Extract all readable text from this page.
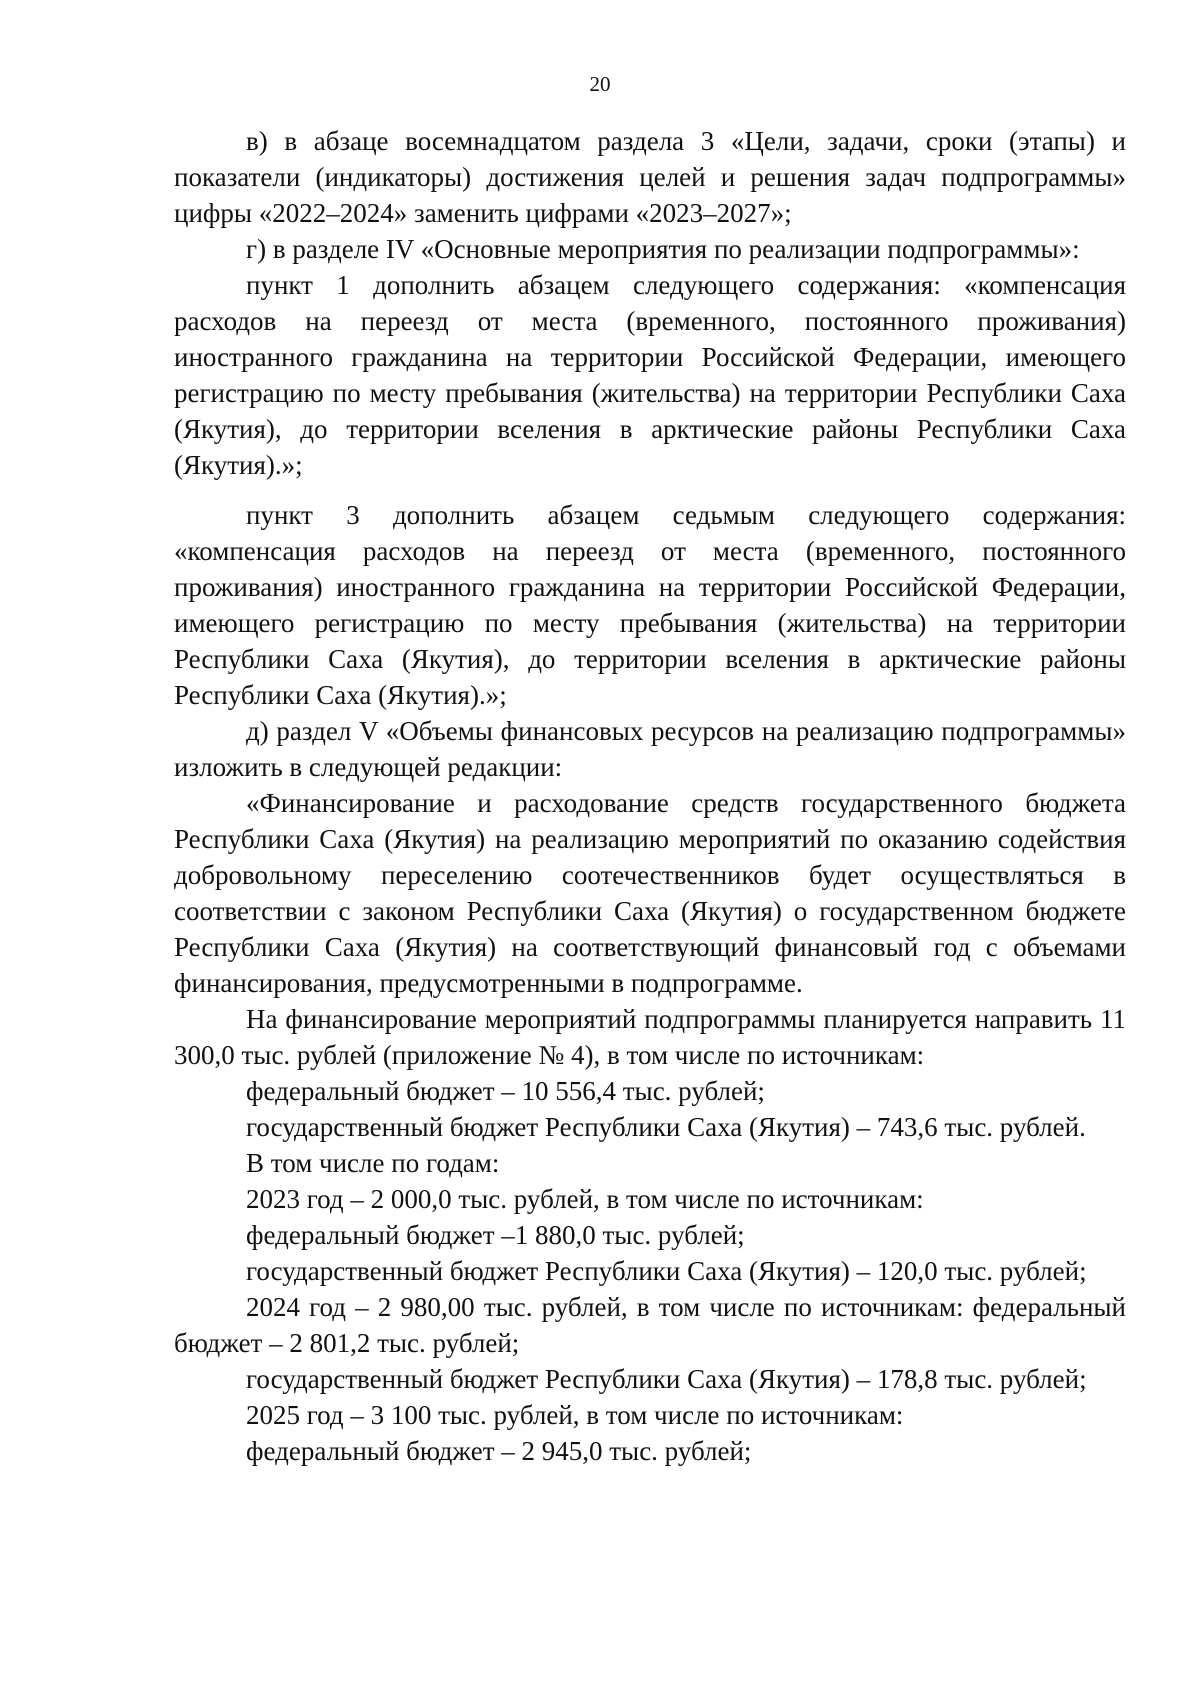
20

в) в абзаце восемнадцатом раздела 3 «Цели, задачи, сроки (этапы) и показатели (индикаторы) достижения целей и решения задач подпрограммы» цифры «2022–2024» заменить цифрами «2023–2027»;

г) в разделе IV «Основные мероприятия по реализации подпрограммы»:

пункт 1 дополнить абзацем следующего содержания: «компенсация расходов на переезд от места (временного, постоянного проживания) иностранного гражданина на территории Российской Федерации, имеющего регистрацию по месту пребывания (жительства) на территории Республики Саха (Якутия), до территории вселения в арктические районы Республики Саха (Якутия).»;

пункт 3 дополнить абзацем седьмым следующего содержания: «компенсация расходов на переезд от места (временного, постоянного проживания) иностранного гражданина на территории Российской Федерации, имеющего регистрацию по месту пребывания (жительства) на территории Республики Саха (Якутия), до территории вселения в арктические районы Республики Саха (Якутия).»;

д) раздел V «Объемы финансовых ресурсов на реализацию подпрограммы» изложить в следующей редакции:

«Финансирование и расходование средств государственного бюджета Республики Саха (Якутия) на реализацию мероприятий по оказанию содействия добровольному переселению соотечественников будет осуществляться в соответствии с законом Республики Саха (Якутия) о государственном бюджете Республики Саха (Якутия) на соответствующий финансовый год с объемами финансирования, предусмотренными в подпрограмме.

На финансирование мероприятий подпрограммы планируется направить 11 300,0 тыс. рублей (приложение № 4), в том числе по источникам:

федеральный бюджет – 10 556,4 тыс. рублей;

государственный бюджет Республики Саха (Якутия) – 743,6 тыс. рублей.

В том числе по годам:

2023 год – 2 000,0 тыс. рублей, в том числе по источникам:

федеральный бюджет –1 880,0 тыс. рублей;

государственный бюджет Республики Саха (Якутия) – 120,0 тыс. рублей;

2024 год – 2 980,00 тыс. рублей, в том числе по источникам: федеральный бюджет – 2 801,2 тыс. рублей;

государственный бюджет Республики Саха (Якутия) – 178,8 тыс. рублей;

2025 год – 3 100 тыс. рублей, в том числе по источникам:

федеральный бюджет – 2 945,0 тыс. рублей;
